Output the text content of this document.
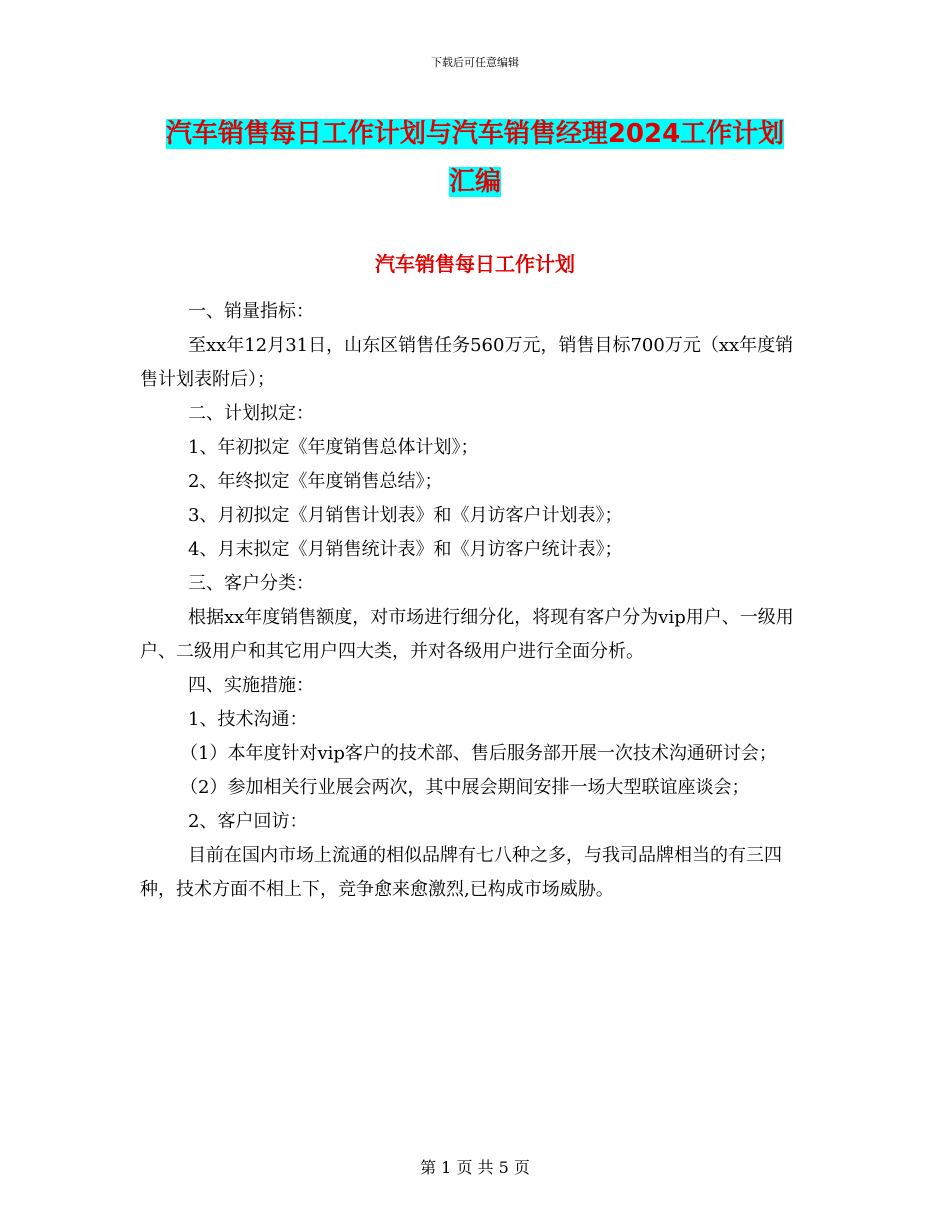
下载后可任意编辑
汽车销售每日工作计划与汽车销售经理2024工作计划
汇编
汽车销售每日工作计划

一、销量指标：

至xx年12月31日，山东区销售任务560万元，销售目标700万元（xx年度销售计划表附后）；

二、计划拟定：

1、年初拟定《年度销售总体计划》；

2、年终拟定《年度销售总结》；

3、月初拟定《月销售计划表》和《月访客户计划表》；

4、月末拟定《月销售统计表》和《月访客户统计表》；

三、客户分类：

根据xx年度销售额度，对市场进行细分化，将现有客户分为vip用户、一级用户、二级用户和其它用户四大类，并对各级用户进行全面分析。

四、实施措施：

1、技术沟通：

（1）本年度针对vip客户的技术部、售后服务部开展一次技术沟通研讨会；

（2）参加相关行业展会两次，其中展会期间安排一场大型联谊座谈会；

2、客户回访：

目前在国内市场上流通的相似品牌有七八种之多，与我司品牌相当的有三四种，技术方面不相上下，竞争愈来愈激烈,已构成市场威胁。

第 1 页 共 5 页
